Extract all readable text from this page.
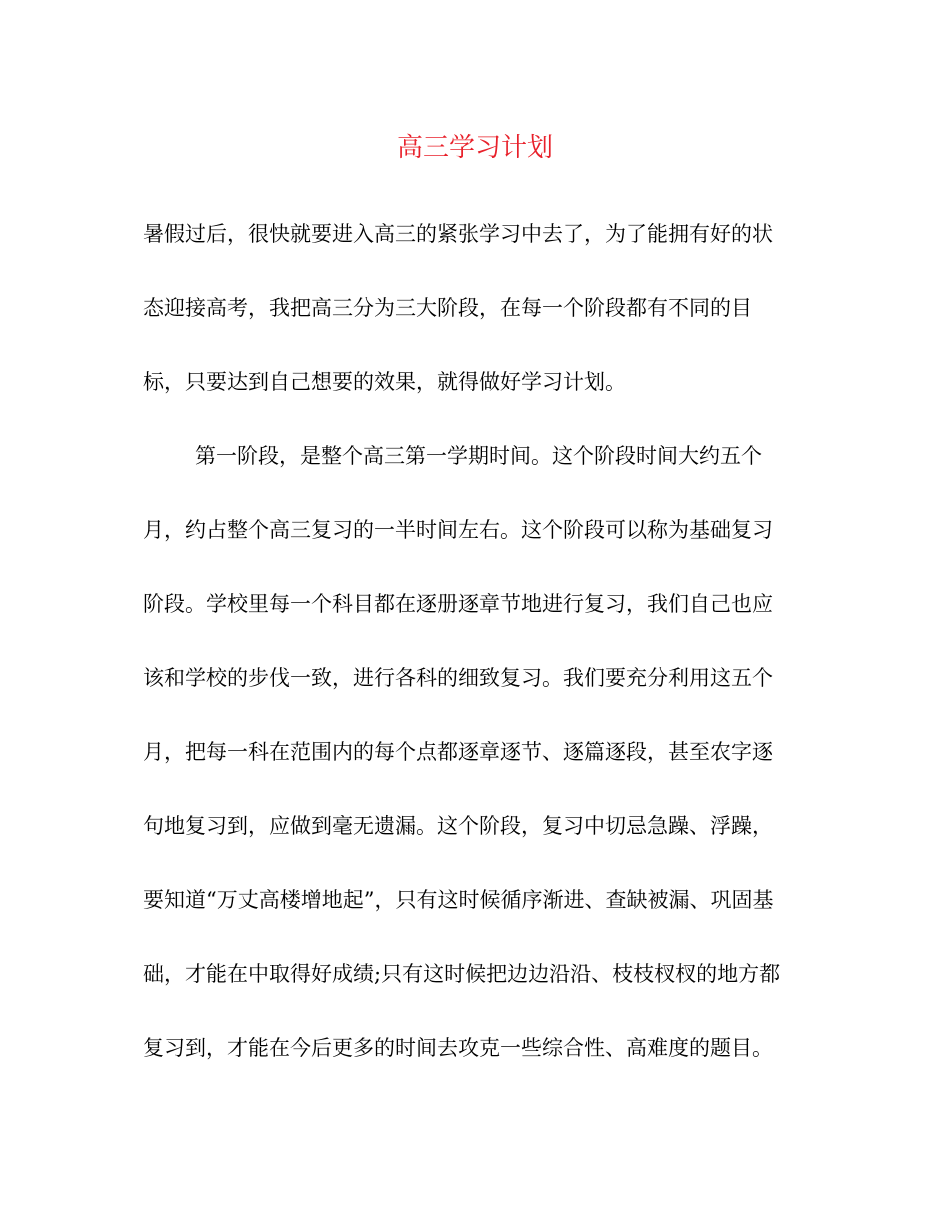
高三学习计划

暑假过后，很快就要进入高三的紧张学习中去了，为了能拥有好的状

态迎接高考，我把高三分为三大阶段，在每一个阶段都有不同的目

标，只要达到自己想要的效果，就得做好学习计划。

第一阶段，是整个高三第一学期时间。这个阶段时间大约五个

月，约占整个高三复习的一半时间左右。这个阶段可以称为基础复习

阶段。学校里每一个科目都在逐册逐章节地进行复习，我们自己也应

该和学校的步伐一致，进行各科的细致复习。我们要充分利用这五个

月，把每一科在范围内的每个点都逐章逐节、逐篇逐段，甚至农字逐

句地复习到，应做到毫无遗漏。这个阶段，复习中切忌急躁、浮躁，

要知道“万丈高楼增地起”，只有这时候循序渐进、查缺被漏、巩固基

础，才能在中取得好成绩;只有这时候把边边沿沿、枝枝杈杈的地方都

复习到，才能在今后更多的时间去攻克一些综合性、高难度的题目。
